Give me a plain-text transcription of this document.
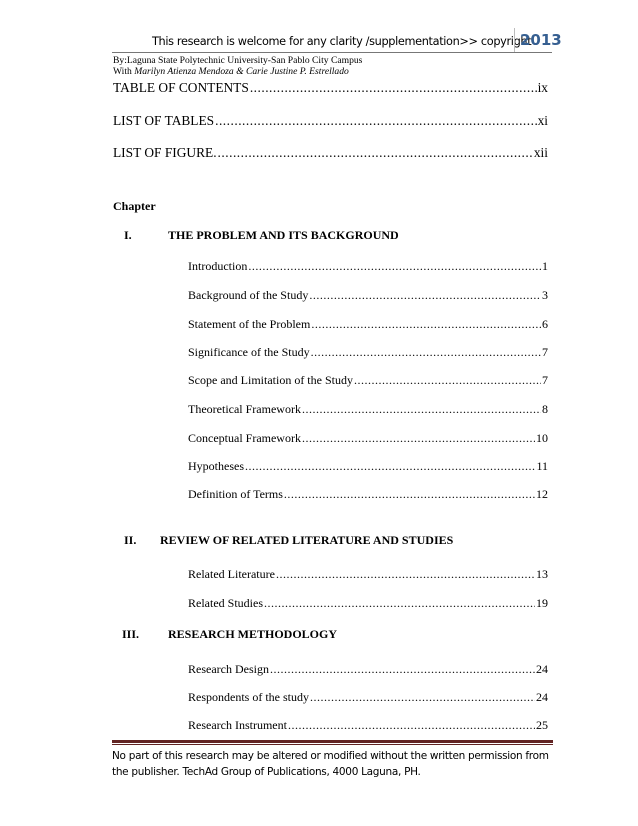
This research is welcome for any clarity /supplementation>> copyright
2013
By:Laguna State Polytechnic University-San Pablo City Campus
With Marilyn Atienza Mendoza & Carie Justine P. Estrellado
TABLE OF CONTENTS .....	ix
LIST OF TABLES .....	xi
LIST OF FIGURE. .....	xii
Chapter
I.	THE PROBLEM AND ITS BACKGROUND
Introduction .....	1
Background of the Study .....	3
Statement of the Problem .....	6
Significance of the Study .....	7
Scope and Limitation of the Study .....	7
Theoretical Framework .....	8
Conceptual Framework .....	10
Hypotheses .....	11
Definition of Terms .....	12
II. REVIEW OF RELATED LITERATURE AND STUDIES
Related Literature .....	13
Related Studies .....	19
III. RESEARCH METHODOLOGY
Research Design .....	24
Respondents of the study .....	24
Research Instrument .....	25
No part of this research may be altered or modified without the written permission from the publisher. TechAd Group of Publications, 4000 Laguna, PH.
